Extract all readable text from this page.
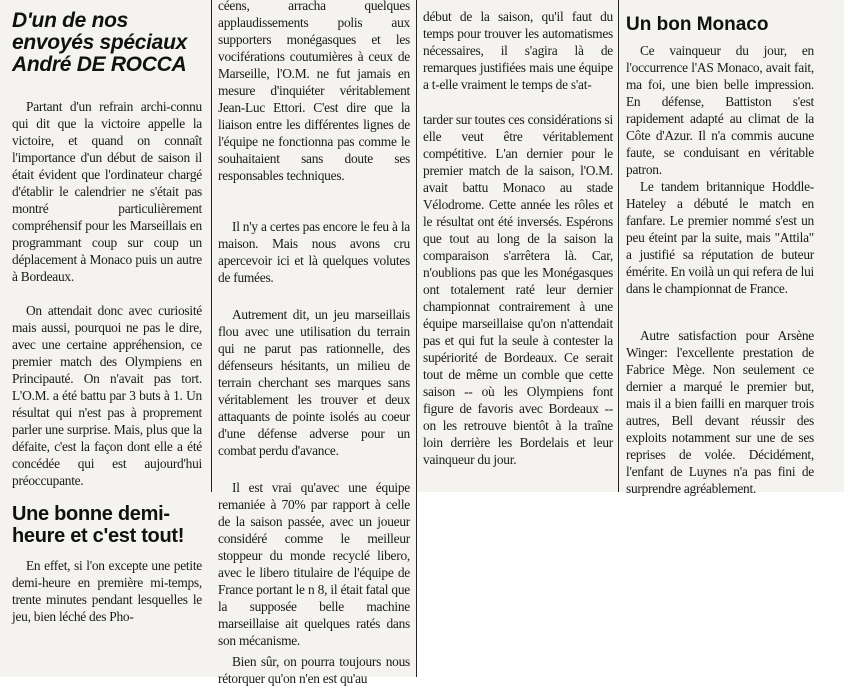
D'un de nos envoyés spéciaux André DE ROCCA

Partant d'un refrain archi-connu qui dit que la victoire appelle la victoire, et quand on connaît l'importance d'un début de saison il était évident que l'ordinateur chargé d'établir le calendrier ne s'était pas montré particulièrement compréhensif pour les Marseillais en programmant coup sur coup un déplacement à Monaco puis un autre à Bordeaux.

On attendait donc avec curiosité mais aussi, pourquoi ne pas le dire, avec une certaine appréhension, ce premier match des Olympiens en Principauté. On n'avait pas tort. L'O.M. a été battu par 3 buts à 1. Un résultat qui n'est pas à proprement parler une surprise. Mais, plus que la défaite, c'est la façon dont elle a été concédée qui est aujourd'hui préoccupante.

Une bonne demi-heure et c'est tout!

En effet, si l'on excepte une petite demi-heure en première mi-temps, trente minutes pendant lesquelles le jeu, bien léché des Pho-

céens, arracha quelques applaudissements polis aux supporters monégasques et les vociférations coutumières à ceux de Marseille, l'O.M. ne fut jamais en mesure d'inquiéter véritablement Jean-Luc Ettori. C'est dire que la liaison entre les différentes lignes de l'équipe ne fonctionna pas comme le souhaitaient sans doute ses responsables techniques.

Il n'y a certes pas encore le feu à la maison. Mais nous avons cru apercevoir ici et là quelques volutes de fumées.

Autrement dit, un jeu marseillais flou avec une utilisation du terrain qui ne parut pas rationnelle, des défenseurs hésitants, un milieu de terrain cherchant ses marques sans véritablement les trouver et deux attaquants de pointe isolés au coeur d'une défense adverse pour un combat perdu d'avance.

Il est vrai qu'avec une équipe remaniée à 70% par rapport à celle de la saison passée, avec un joueur considéré comme le meilleur stoppeur du monde recyclé libero, avec le libero titulaire de l'équipe de France portant le n 8, il était fatal que la supposée belle machine marseillaise ait quelques ratés dans son mécanisme.

Bien sûr, on pourra toujours nous rétorquer qu'on n'en est qu'au

début de la saison, qu'il faut du temps pour trouver les automatismes nécessaires, il s'agira là de remarques justifiées mais une équipe a t-elle vraiment le temps de s'at-

tarder sur toutes ces considérations si elle veut être véritablement compétitive. L'an dernier pour le premier match de la saison, l'O.M. avait battu Monaco au stade Vélodrome. Cette année les rôles et le résultat ont été inversés. Espérons que tout au long de la saison la comparaison s'arrêtera là. Car, n'oublions pas que les Monégasques ont totalement raté leur dernier championnat contrairement à une équipe marseillaise qu'on n'attendait pas et qui fut la seule à contester la supériorité de Bordeaux. Ce serait tout de même un comble que cette saison -- où les Olympiens font figure de favoris avec Bordeaux -- on les retrouve bientôt à la traîne loin derrière les Bordelais et leur vainqueur du jour.

Un bon Monaco

Ce vainqueur du jour, en l'occurrence l'AS Monaco, avait fait, ma foi, une bien belle impression. En défense, Battiston s'est rapidement adapté au climat de la Côte d'Azur. Il n'a commis aucune faute, se conduisant en véritable patron.

Le tandem britannique Hoddle-Hateley a débuté le match en fanfare. Le premier nommé s'est un peu éteint par la suite, mais "Attila" a justifié sa réputation de buteur émérite. En voilà un qui refera de lui dans le championnat de France.

Autre satisfaction pour Arsène Winger: l'excellente prestation de Fabrice Mège. Non seulement ce dernier a marqué le premier but, mais il a bien failli en marquer trois autres, Bell devant réussir des exploits notamment sur une de ses reprises de volée. Décidément, l'enfant de Luynes n'a pas fini de surprendre agréablement.
